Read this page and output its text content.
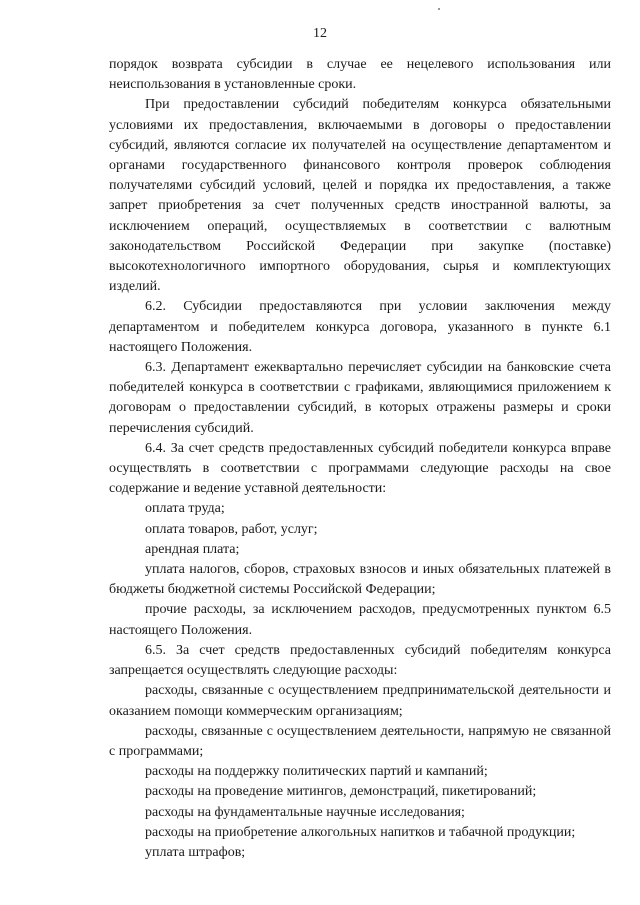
12

порядок возврата субсидии в случае ее нецелевого использования или неиспользования в установленные сроки.

При предоставлении субсидий победителям конкурса обязательными условиями их предоставления, включаемыми в договоры о предоставлении субсидий, являются согласие их получателей на осуществление департаментом и органами государственного финансового контроля проверок соблюдения получателями субсидий условий, целей и порядка их предоставления, а также запрет приобретения за счет полученных средств иностранной валюты, за исключением операций, осуществляемых в соответствии с валютным законодательством Российской Федерации при закупке (поставке) высокотехнологичного импортного оборудования, сырья и комплектующих изделий.

6.2. Субсидии предоставляются при условии заключения между департаментом и победителем конкурса договора, указанного в пункте 6.1 настоящего Положения.

6.3. Департамент ежеквартально перечисляет субсидии на банковские счета победителей конкурса в соответствии с графиками, являющимися приложением к договорам о предоставлении субсидий, в которых отражены размеры и сроки перечисления субсидий.

6.4. За счет средств предоставленных субсидий победители конкурса вправе осуществлять в соответствии с программами следующие расходы на свое содержание и ведение уставной деятельности:

оплата труда;

оплата товаров, работ, услуг;

арендная плата;

уплата налогов, сборов, страховых взносов и иных обязательных платежей в бюджеты бюджетной системы Российской Федерации;

прочие расходы, за исключением расходов, предусмотренных пунктом 6.5 настоящего Положения.

6.5. За счет средств предоставленных субсидий победителям конкурса запрещается осуществлять следующие расходы:

расходы, связанные с осуществлением предпринимательской деятельности и оказанием помощи коммерческим организациям;

расходы, связанные с осуществлением деятельности, напрямую не связанной с программами;

расходы на поддержку политических партий и кампаний;

расходы на проведение митингов, демонстраций, пикетирований;

расходы на фундаментальные научные исследования;

расходы на приобретение алкогольных напитков и табачной продукции;

уплата штрафов;
